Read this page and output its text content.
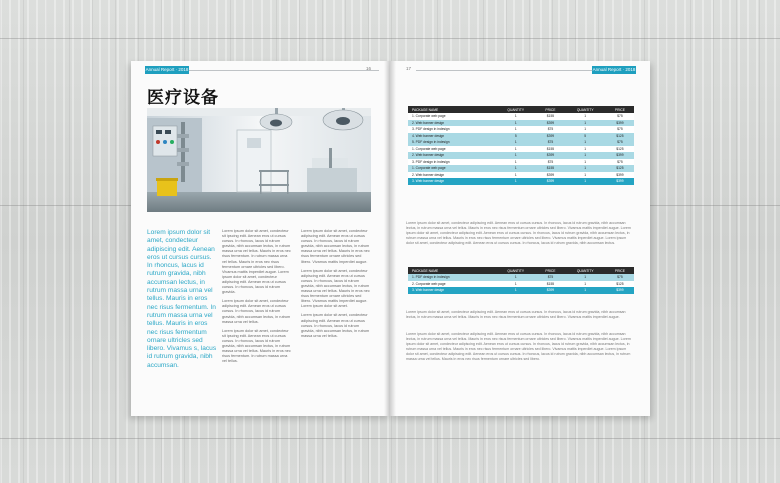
Annual Report · 2018	16
医疗设备
Lorem ipsum dolor sit amet, condecteur adipiscing edit. Aenean eros ut cursus cursus. In rhoncus, lacus id rutrum gravida, nibh accumsan lectus, in rutrum massa urna vel tellus. Mauris in eros nec risus fermentum. In rutrum massa urna vel tellus. Mauris in eros nec risus fermentum ornare ultricles sed libero. Vivamus s, lacus id rutrum gravida, nibh accumsan.

Lorem ipsum dolor sit amet, condecteur sit ipscing edit. Aenean eros ut cursus cursus. In rhoncus, lacus id rutrum gravida, nibh accumsan lectus, in rutrum massa urna vel tellus. Mauris in eros nec risus fermentum. In rutrum massa urna vel tellus. Mauris in eros nec risus fermentum ornare ultricles sed libero. Vivamus mattis imperdiet augue. Lorem ipsum dolor sit amet, condecteur adipiscing edit. Aenean eros ut cursus cursus. In rhoncus, lacus id rutrum gravida.

Lorem ipsum dolor sit amet, condecteur adipiscing edit. Aenean eros ut cursus cursus. In rhoncus, lacus id rutrum gravida, nibh accumsan lectus, in rutrum massa urna vel tellus.

Lorem ipsum dolor sit amet, condecteur sit ipscing edit. Aenean eros ut cursus cursus. In rhoncus, lacus id rutrum gravida, nibh accumsan lectus, in rutrum massa urna vel tellus. Mauris in eros nec risus fermentum. In rutrum massa urna vel tellus.

Lorem ipsum dolor sit amet, condecteur adipiscing edit. Aenean eros ut cursus cursus. In rhoncus, lacus id rutrum gravida, nibh accumsan lectus, in rutrum massa urna vel tellus. Mauris in eros nec risus fermentum ornare ultricles sed libero. Vivamus mattis imperdiet augue.

Lorem ipsum dolor sit amet, condecteur adipiscing edit. Aenean eros ut cursus cursus. In rhoncus, lacus id rutrum gravida, nibh accumsan lectus, in rutrum massa urna vel tellus. Mauris in eros nec risus fermentum ornare ultricles sed libero. Vivamus mattis imperdiet augue. Lorem ipsum dolor sit amet.

Lorem ipsum dolor sit amet, condecteur adipiscing edit. Aenean eros ut cursus cursus. In rhoncus, lacus id rutrum gravida, nibh accumsan lectus, in rutrum massa urna vel tellus.

17	Annual Report · 2018
PACKAGE NAME	QUANTITY	PRICE	QUANTITY	PRICE
1. Corporate web page	1	$155	1	$75
2. Web banner design	1	$399	1	$399
3. PDF design in indesign	1	$75	1	$75
4. Web banner design	5	$399	5	$125
5. PDF design in indesign	1	$75	1	$75
1. Corporate web page	1	$155	1	$125
2. Web banner design	1	$399	1	$399
3. PDF design in indesign	1	$75	1	$75
1. Corporate web page	1	$155	1	$125
2. Web banner design	1	$399	1	$399
3. Web banner design	1	$399	1	$399
Lorem ipsum dolor sit amet, condecteur adipiscing edit. Aenean eros ut cursus cursus. In rhoncus, lacus id rutrum gravida, nibh accumsan lectus, in rutrum massa urna vel tellus. Mauris in eros nec risus fermentum ornare ultricles sed libero. Vivamus mattis imperdiet augue. Lorem ipsum dolor sit amet, condecteur adipiscing edit. Aenean eros ut cursus cursus. In rhoncus, lacus id rutrum gravida, nibh accumsan lectus, in rutrum massa urna vel tellus. Mauris in eros nec risus fermentum ornare ultricles sed libero. Vivamus mattis imperdiet augue. Lorem ipsum dolor sit amet, condecteur adipiscing edit. Aenean eros ut cursus cursus. In rhoncus, lacus id rutrum gravida, nibh accumsan lectus.
PACKAGE NAME	QUANTITY	PRICE	QUANTITY	PRICE
1. PDF design in indesign	1	$75	1	$75
2. Corporate web page	1	$155	1	$125
3. Web banner design	1	$399	1	$399
Lorem ipsum dolor sit amet, condecteur adipiscing edit. Aenean eros ut cursus cursus. In rhoncus, lacus id rutrum gravida, nibh accumsan lectus, in rutrum massa urna vel tellus. Mauris in eros nec risus fermentum ornare ultricles sed libero. Vivamus mattis imperdiet augue.
Lorem ipsum dolor sit amet, condecteur adipiscing edit. Aenean eros ut cursus cursus. In rhoncus, lacus id rutrum gravida, nibh accumsan lectus, in rutrum massa urna vel tellus. Mauris in eros nec risus fermentum ornare ultricles sed libero. Vivamus mattis imperdiet augue. Lorem ipsum dolor sit amet, condecteur adipiscing edit. Aenean eros ut cursus cursus. In rhoncus, lacus id rutrum gravida, nibh accumsan lectus, in rutrum massa urna vel tellus. Mauris in eros nec risus fermentum ornare ultricles sed libero. Vivamus mattis imperdiet augue. Lorem ipsum dolor sit amet, condecteur adipiscing edit. Aenean eros ut cursus cursus. In rhoncus, lacus id rutrum gravida, nibh accumsan lectus, in rutrum massa urna vel tellus. Mauris in eros nec risus fermentum ornare ultricles sed libero.
